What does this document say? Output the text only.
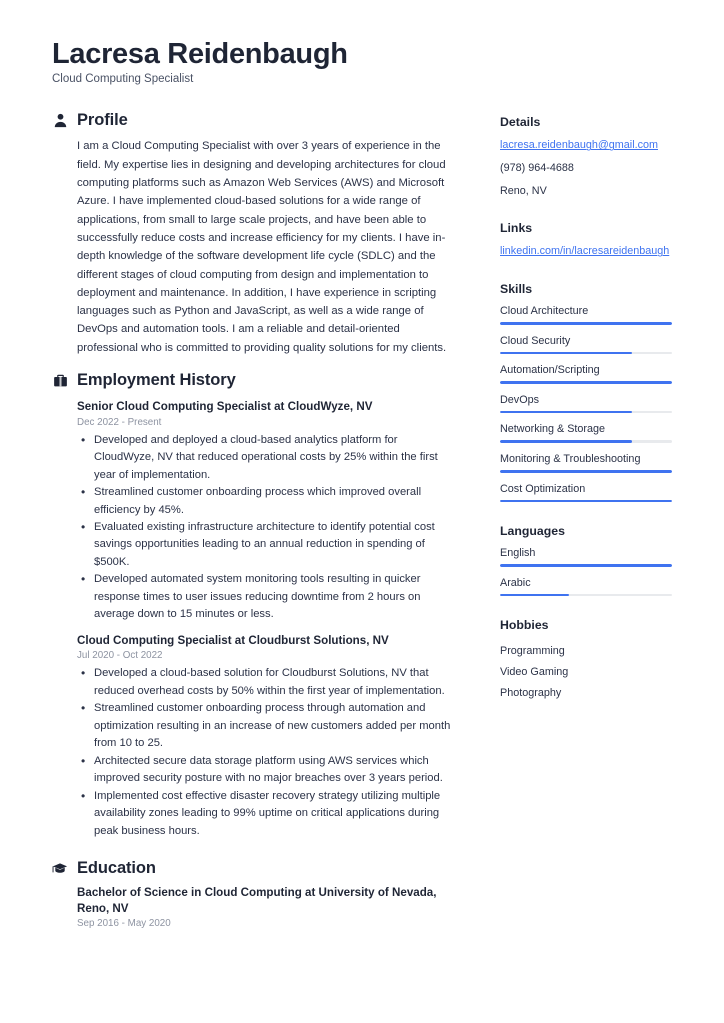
Lacresa Reidenbaugh
Cloud Computing Specialist
Profile
I am a Cloud Computing Specialist with over 3 years of experience in the field. My expertise lies in designing and developing architectures for cloud computing platforms such as Amazon Web Services (AWS) and Microsoft Azure. I have implemented cloud-based solutions for a wide range of applications, from small to large scale projects, and have been able to successfully reduce costs and increase efficiency for my clients. I have in-depth knowledge of the software development life cycle (SDLC) and the different stages of cloud computing from design and implementation to deployment and maintenance. In addition, I have experience in scripting languages such as Python and JavaScript, as well as a wide range of DevOps and automation tools. I am a reliable and detail-oriented professional who is committed to providing quality solutions for my clients.
Employment History
Senior Cloud Computing Specialist at CloudWyze, NV
Dec 2022 - Present
• Developed and deployed a cloud-based analytics platform for CloudWyze, NV that reduced operational costs by 25% within the first year of implementation.
• Streamlined customer onboarding process which improved overall efficiency by 45%.
• Evaluated existing infrastructure architecture to identify potential cost savings opportunities leading to an annual reduction in spending of $500K.
• Developed automated system monitoring tools resulting in quicker response times to user issues reducing downtime from 2 hours on average down to 15 minutes or less.
Cloud Computing Specialist at Cloudburst Solutions, NV
Jul 2020 - Oct 2022
• Developed a cloud-based solution for Cloudburst Solutions, NV that reduced overhead costs by 50% within the first year of implementation.
• Streamlined customer onboarding process through automation and optimization resulting in an increase of new customers added per month from 10 to 25.
• Architected secure data storage platform using AWS services which improved security posture with no major breaches over 3 years period.
• Implemented cost effective disaster recovery strategy utilizing multiple availability zones leading to 99% uptime on critical applications during peak business hours.
Education
Bachelor of Science in Cloud Computing at University of Nevada, Reno, NV
Sep 2016 - May 2020
Details
lacresa.reidenbaugh@gmail.com
(978) 964-4688
Reno, NV
Links
linkedin.com/in/lacresareidenbaugh
Skills
Cloud Architecture
Cloud Security
Automation/Scripting
DevOps
Networking & Storage
Monitoring & Troubleshooting
Cost Optimization
Languages
English
Arabic
Hobbies
Programming
Video Gaming
Photography
